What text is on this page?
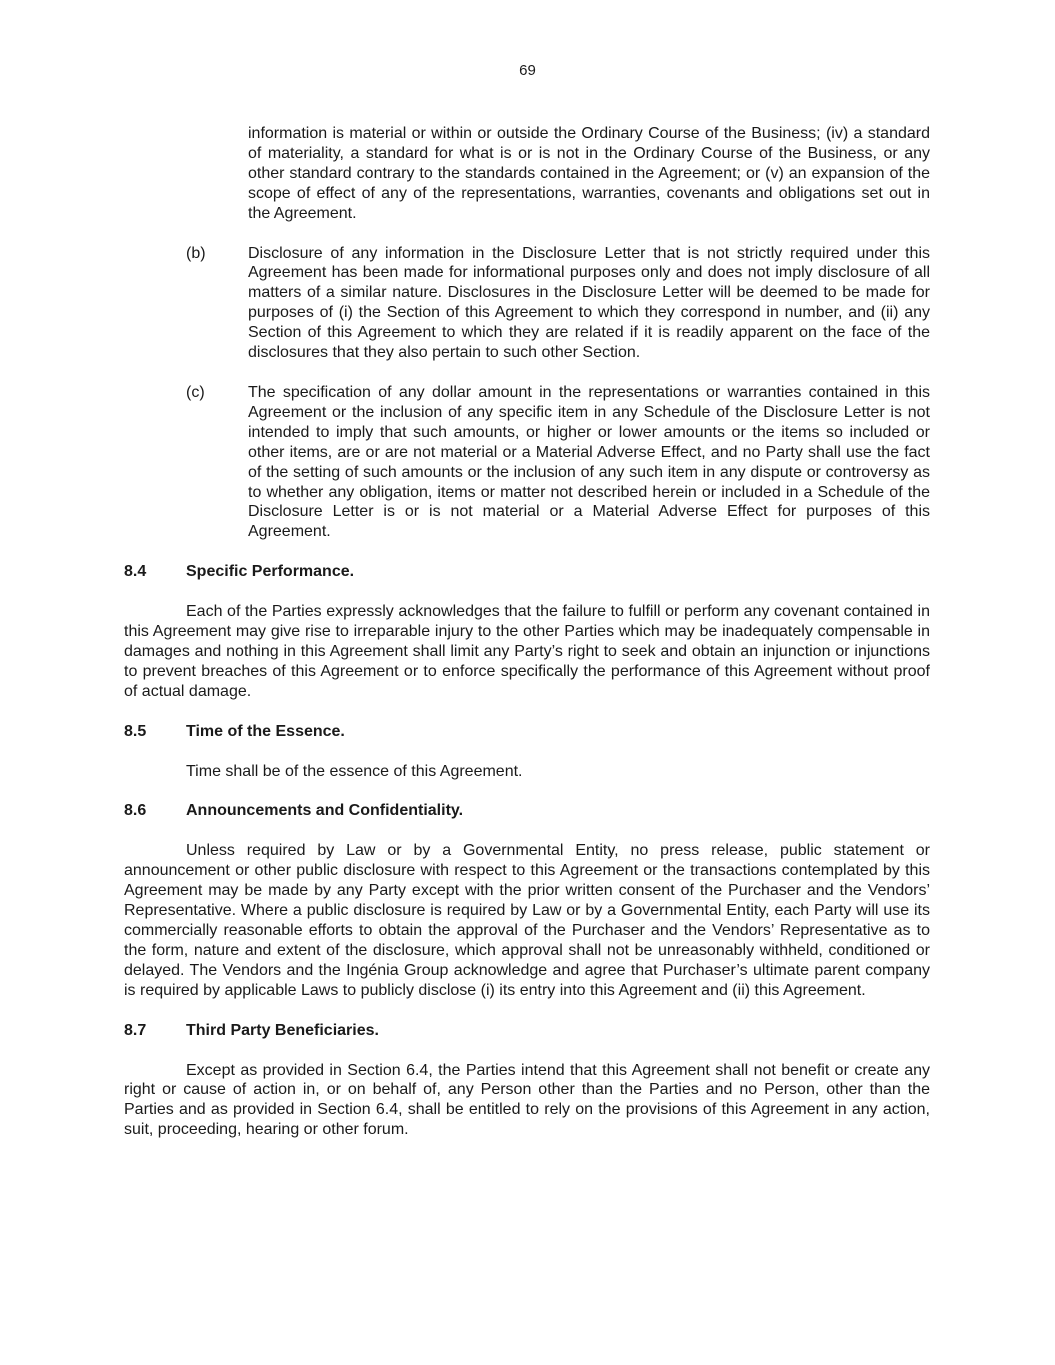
69

information is material or within or outside the Ordinary Course of the Business; (iv) a standard of materiality, a standard for what is or is not in the Ordinary Course of the Business, or any other standard contrary to the standards contained in the Agreement; or (v) an expansion of the scope of effect of any of the representations, warranties, covenants and obligations set out in the Agreement.

(b)	Disclosure of any information in the Disclosure Letter that is not strictly required under this Agreement has been made for informational purposes only and does not imply disclosure of all matters of a similar nature. Disclosures in the Disclosure Letter will be deemed to be made for purposes of (i) the Section of this Agreement to which they correspond in number, and (ii) any Section of this Agreement to which they are related if it is readily apparent on the face of the disclosures that they also pertain to such other Section.
(c)	The specification of any dollar amount in the representations or warranties contained in this Agreement or the inclusion of any specific item in any Schedule of the Disclosure Letter is not intended to imply that such amounts, or higher or lower amounts or the items so included or other items, are or are not material or a Material Adverse Effect, and no Party shall use the fact of the setting of such amounts or the inclusion of any such item in any dispute or controversy as to whether any obligation, items or matter not described herein or included in a Schedule of the Disclosure Letter is or is not material or a Material Adverse Effect for purposes of this Agreement.
8.4	Specific Performance.

Each of the Parties expressly acknowledges that the failure to fulfill or perform any covenant contained in this Agreement may give rise to irreparable injury to the other Parties which may be inadequately compensable in damages and nothing in this Agreement shall limit any Party’s right to seek and obtain an injunction or injunctions to prevent breaches of this Agreement or to enforce specifically the performance of this Agreement without proof of actual damage.

8.5	Time of the Essence.

Time shall be of the essence of this Agreement.

8.6	Announcements and Confidentiality.

Unless required by Law or by a Governmental Entity, no press release, public statement or announcement or other public disclosure with respect to this Agreement or the transactions contemplated by this Agreement may be made by any Party except with the prior written consent of the Purchaser and the Vendors’ Representative. Where a public disclosure is required by Law or by a Governmental Entity, each Party will use its commercially reasonable efforts to obtain the approval of the Purchaser and the Vendors’ Representative as to the form, nature and extent of the disclosure, which approval shall not be unreasonably withheld, conditioned or delayed. The Vendors and the Ingénia Group acknowledge and agree that Purchaser’s ultimate parent company is required by applicable Laws to publicly disclose (i) its entry into this Agreement and (ii) this Agreement.

8.7	Third Party Beneficiaries.

Except as provided in Section 6.4, the Parties intend that this Agreement shall not benefit or create any right or cause of action in, or on behalf of, any Person other than the Parties and no Person, other than the Parties and as provided in Section 6.4, shall be entitled to rely on the provisions of this Agreement in any action, suit, proceeding, hearing or other forum.
